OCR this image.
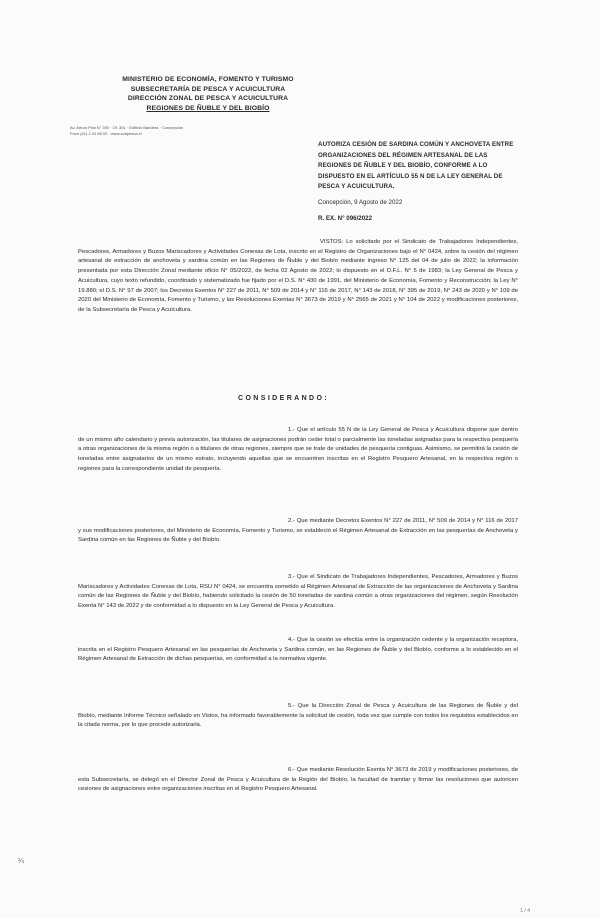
MINISTERIO DE ECONOMÍA, FOMENTO Y TURISMO
SUBSECRETARÍA DE PESCA Y ACUICULTURA
DIRECCIÓN ZONAL DE PESCA Y ACUICULTURA
REGIONES DE ÑUBLE Y DEL BIOBÍO
Av. Arturo Prat N° 390 · Of. 301 · Edificio Bandera · Concepción
Fono (41) 2 24 89 00 · www.subpesca.cl
AUTORIZA CESIÓN DE SARDINA COMÚN Y ANCHOVETA ENTRE ORGANIZACIONES DEL RÉGIMEN ARTESANAL DE LAS REGIONES DE ÑUBLE Y DEL BIOBÍO, CONFORME A LO DISPUESTO EN EL ARTÍCULO 55 N DE LA LEY GENERAL DE PESCA Y ACUICULTURA.
Concepción, 9 Agosto de 2022
R. EX. N° 096/2022
VISTOS: Lo solicitado por el Sindicato de Trabajadores Independientes, Pescadores, Armadores y Buzos Mariscadores y Actividades Conexas de Lota, inscrito en el Registro de Organizaciones bajo el N° 0424, sobre la cesión del régimen artesanal de extracción de anchoveta y sardina común en las Regiones de Ñuble y del Biobío mediante ingreso N° 125 del 04 de julio de 2022; la información presentada por esta Dirección Zonal mediante oficio N° 05/2022, de fecha 02 Agosto de 2022; lo dispuesto en el D.F.L. N° 5 de 1983; la Ley General de Pesca y Acuicultura, cuyo texto refundido, coordinado y sistematizado fue fijado por el D.S. N° 430 de 1991, del Ministerio de Economía, Fomento y Reconstrucción; la Ley N° 19.880; el D.S. N° 97 de 2007; los Decretos Exentos N° 227 de 2011, N° 509 de 2014 y N° 116 de 2017, N° 143 de 2018, N° 395 de 2019, N° 243 de 2020 y N° 109 de 2020 del Ministerio de Economía, Fomento y Turismo, y las Resoluciones Exentas N° 3673 de 2019 y N° 2565 de 2021 y N° 104 de 2022 y modificaciones posteriores, de la Subsecretaría de Pesca y Acuicultura.
CONSIDERANDO:
1.- Que el artículo 55 N de la Ley General de Pesca y Acuicultura dispone que dentro de un mismo año calendario y previa autorización, las titulares de asignaciones podrán ceder total o parcialmente las toneladas asignadas para la respectiva pesquería a otras organizaciones de la misma región o a titulares de otras regiones, siempre que se trate de unidades de pesquería contiguas. Asimismo, se permitirá la cesión de toneladas entre asignatarios de un mismo estrato, incluyendo aquellas que se encuentren inscritas en el Registro Pesquero Artesanal, en la respectiva región o regiones para la correspondiente unidad de pesquería.
2.- Que mediante Decretos Exentos N° 227 de 2011, N° 509 de 2014 y N° 116 de 2017 y sus modificaciones posteriores, del Ministerio de Economía, Fomento y Turismo, se estableció el Régimen Artesanal de Extracción en las pesquerías de Anchoveta y Sardina común en las Regiones de Ñuble y del Biobío.
3.- Que el Sindicato de Trabajadores Independientes, Pescadores, Armadores y Buzos Mariscadores y Actividades Conexas de Lota, RSU N° 0424, se encuentra sometido al Régimen Artesanal de Extracción de las organizaciones de Anchoveta y Sardina común de las Regiones de Ñuble y del Biobío, habiendo solicitado la cesión de 50 toneladas de sardina común a otras organizaciones del régimen, según Resolución Exenta N° 143 de 2022 y de conformidad a lo dispuesto en la Ley General de Pesca y Acuicultura.
4.- Que la cesión se efectúa entre la organización cedente y la organización receptora, inscrita en el Registro Pesquero Artesanal en las pesquerías de Anchoveta y Sardina común, en las Regiones de Ñuble y del Biobío, conforme a lo establecido en el Régimen Artesanal de Extracción de dichas pesquerías, en conformidad a la normativa vigente.
5.- Que la Dirección Zonal de Pesca y Acuicultura de las Regiones de Ñuble y del Biobío, mediante Informe Técnico señalado en Vistos, ha informado favorablemente la solicitud de cesión, toda vez que cumple con todos los requisitos establecidos en la citada norma, por lo que procede autorizarla.
6.- Que mediante Resolución Exenta N° 3673 de 2019 y modificaciones posteriores, de esta Subsecretaría, se delegó en el Director Zonal de Pesca y Acuicultura de la Región del Biobío, la facultad de tramitar y firmar las resoluciones que autoricen cesiones de asignaciones entre organizaciones inscritas en el Registro Pesquero Artesanal.
¼
1 / 4
